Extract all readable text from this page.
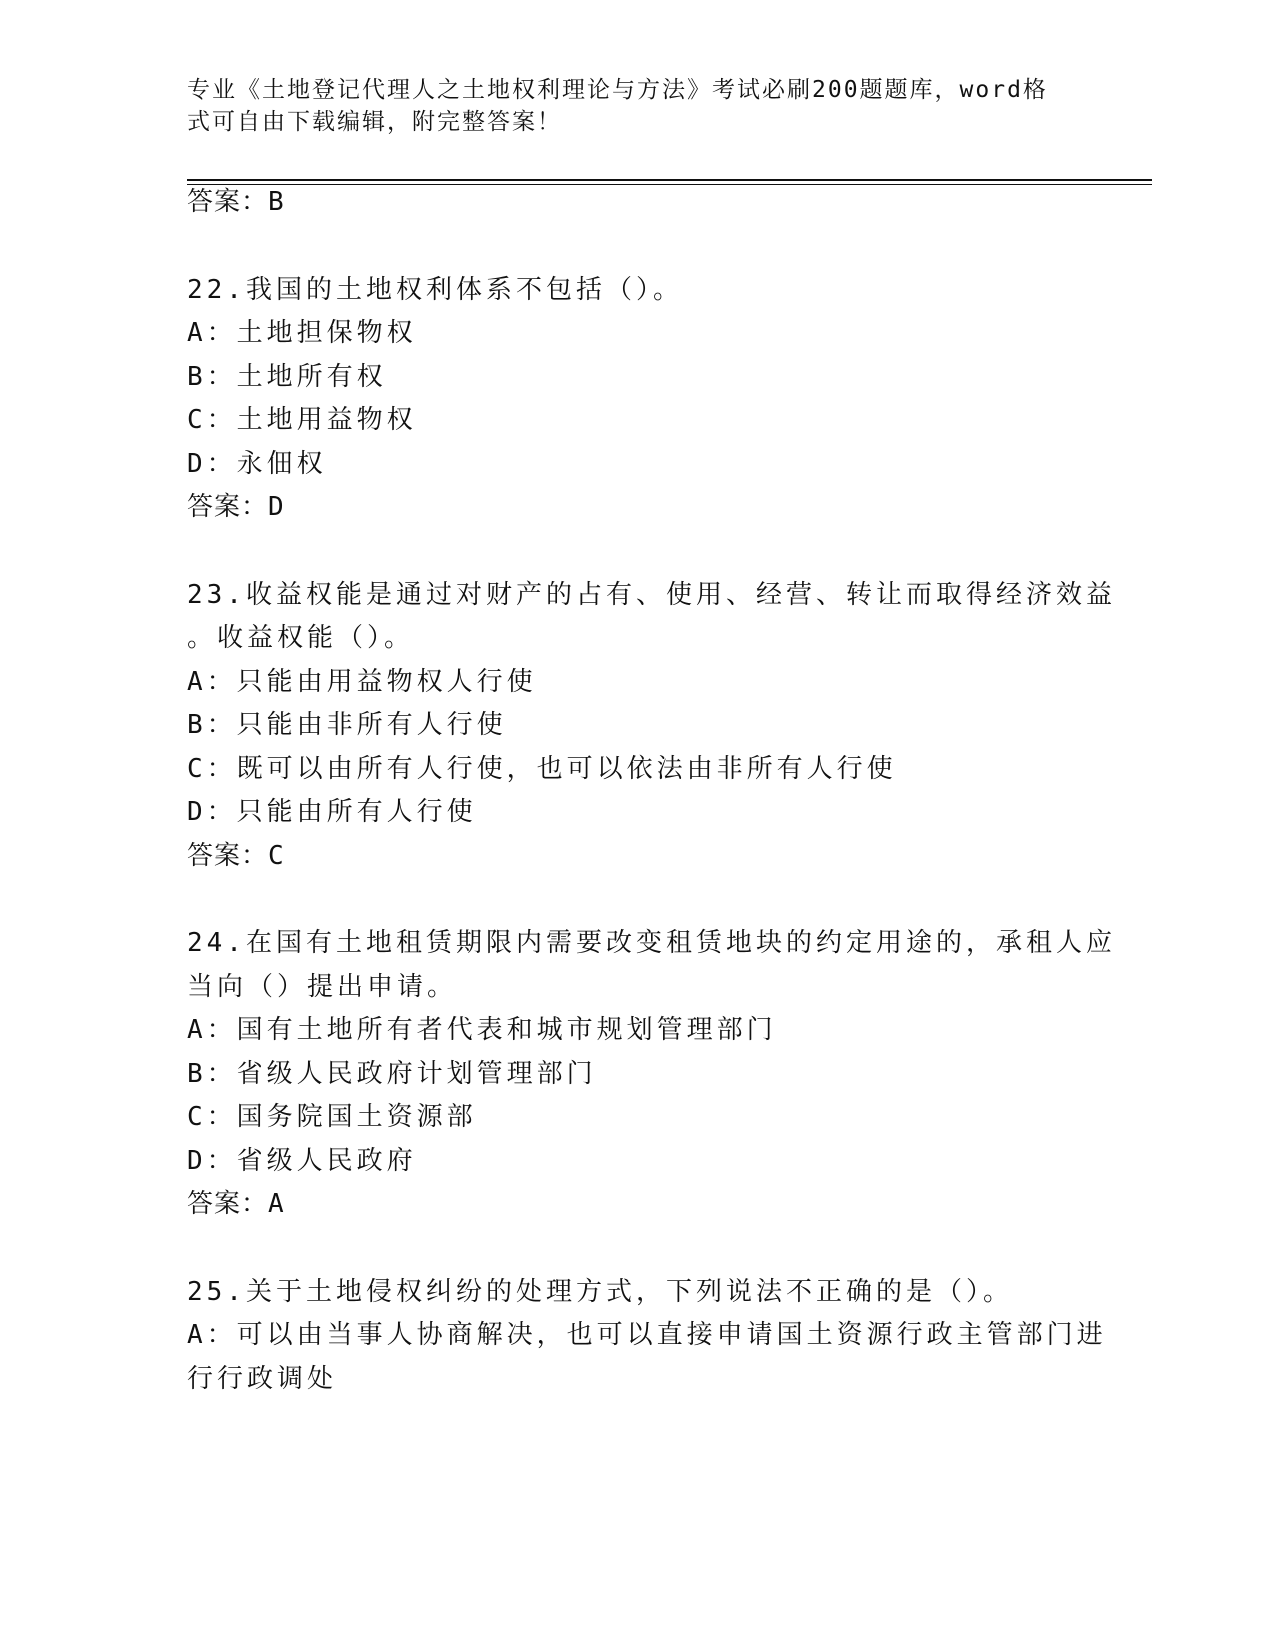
专业《土地登记代理人之土地权利理论与方法》考试必刷200题题库，word格式可自由下载编辑，附完整答案！
答案：B
22.我国的土地权利体系不包括（）。
A：土地担保物权
B：土地所有权
C：土地用益物权
D：永佃权
答案：D
23.收益权能是通过对财产的占有、使用、经营、转让而取得经济效益
。收益权能（）。
A：只能由用益物权人行使
B：只能由非所有人行使
C：既可以由所有人行使，也可以依法由非所有人行使
D：只能由所有人行使
答案：C
24.在国有土地租赁期限内需要改变租赁地块的约定用途的，承租人应
当向（）提出申请。
A：国有土地所有者代表和城市规划管理部门
B：省级人民政府计划管理部门
C：国务院国土资源部
D：省级人民政府
答案：A
25.关于土地侵权纠纷的处理方式，下列说法不正确的是（）。
A：可以由当事人协商解决，也可以直接申请国土资源行政主管部门进
行行政调处
